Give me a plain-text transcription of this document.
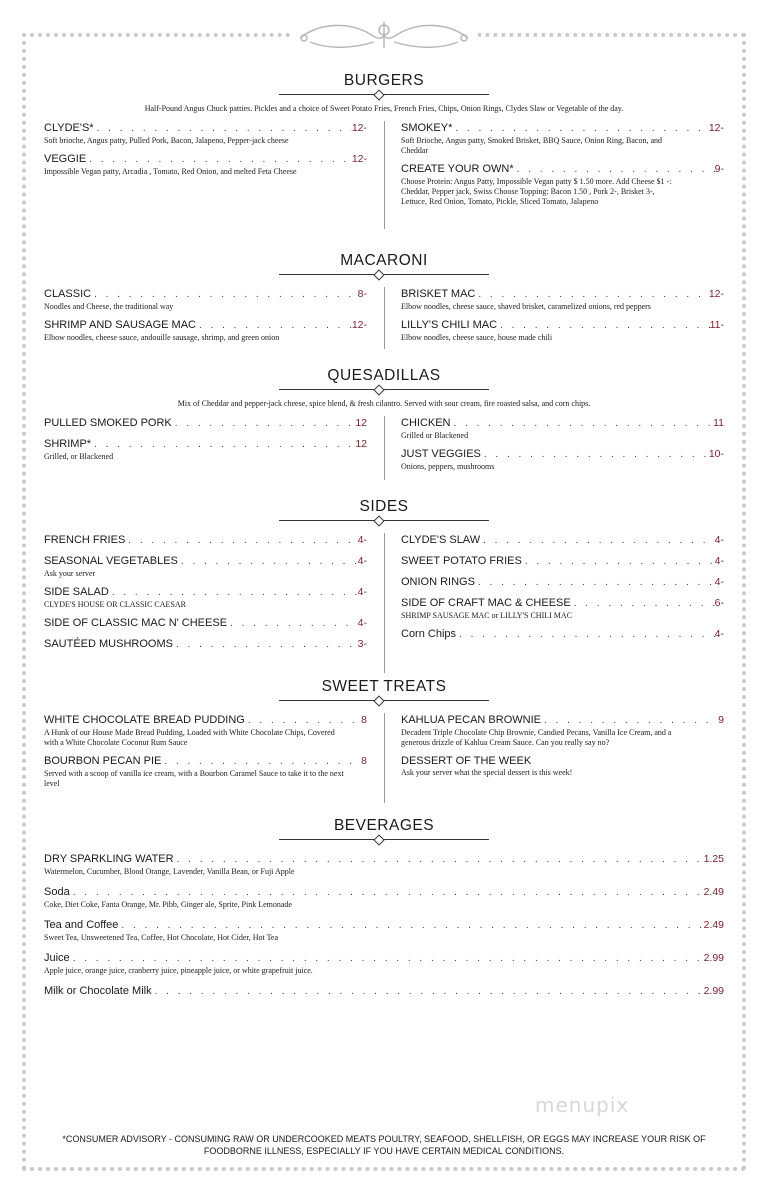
BURGERS
Half-Pound Angus Chuck patties. Pickles and a choice of Sweet Potato Fries, French Fries, Chips, Onion Rings, Clydes Slaw or Vegetable of the day.
CLYDE'S* . . .	12-
Soft brioche, Angus patty, Pulled Pork, Bacon, Jalapeno, Pepper-jack cheese
VEGGIE . . .	12-
Impossible Vegan patty, Arcadia , Tomato, Red Onion, and melted Feta Cheese
SMOKEY* . . .	12-
Soft Brioche, Angus patty, Smoked Brisket, BBQ Sauce, Onion Ring, Bacon, and Cheddar
CREATE YOUR OWN* . . .	9-
Choose Protein: Angus Patty, Impossible Vegan patty $ 1.50 more. Add Cheese $1 -: Cheddar, Pepper jack, Swiss Choose Topping: Bacon 1.50 , Pork 2-, Brisket 3-, Lettuce, Red Onion, Tomato, Pickle, Sliced Tomato, Jalapeno
MACARONI
CLASSIC . . .	8-
Noodles and Cheese, the traditional way
SHRIMP AND SAUSAGE MAC . . .	12-
Elbow noodles, cheese sauce, andouille sausage, shrimp, and green onion
BRISKET MAC . . .	12-
Elbow noodles, cheese sauce, shaved brisket, caramelized onions, red peppers
LILLY'S CHILI MAC . . .	11-
Elbow noodles, cheese sauce, house made chili
QUESADILLAS
Mix of Cheddar and pepper-jack cheese, spice blend, & fresh cilantro. Served with sour cream, fire roasted salsa, and corn chips.
PULLED SMOKED PORK . . .	12
SHRIMP* . . .	12
Grilled, or Blackened
CHICKEN . . .	11
Grilled or Blackened
JUST VEGGIES . . .	10-
Onions, peppers, mushrooms
SIDES
FRENCH FRIES . . .	4-
SEASONAL VEGETABLES . . .	4-
Ask your server
SIDE SALAD . . .	4-
CLYDE'S HOUSE OR CLASSIC CAESAR
SIDE OF CLASSIC MAC N' CHEESE . . .	4-
SAUTÉED MUSHROOMS . . .	3-
CLYDE'S SLAW . . .	4-
SWEET POTATO FRIES . . .	4-
ONION RINGS . . .	4-
SIDE OF CRAFT MAC & CHEESE . . .	6-
SHRIMP SAUSAGE MAC or LILLY'S CHILI MAC
Corn Chips . . .	4-
SWEET TREATS
WHITE CHOCOLATE BREAD PUDDING . . .	8
A Hunk of our House Made Bread Pudding, Loaded with White Chocolate Chips, Covered with a White Chocolate Coconut Rum Sauce
BOURBON PECAN PIE . . .	8
Served with a scoop of vanilla ice cream, with a Bourbon Caramel Sauce to take it to the next level
KAHLUA PECAN BROWNIE . . .	9
Decadent Triple Chocolate Chip Brownie, Candied Pecans, Vanilla Ice Cream, and a generous drizzle of Kahlua Cream Sauce. Can you really say no?
DESSERT OF THE WEEK
Ask your server what the special dessert is this week!
BEVERAGES
DRY SPARKLING WATER . . .	1.25
Watermelon, Cucumber, Blood Orange, Lavender, Vanilla Bean, or Fuji Apple
Soda . . .	2.49
Coke, Diet Coke, Fanta Orange, Mr. Pibb, Ginger ale, Sprite, Pink Lemonade
Tea and Coffee . . .	2.49
Sweet Tea, Unsweetened Tea, Coffee, Hot Chocolate, Hot Cider, Hot Tea
Juice . . .	2.99
Apple juice, orange juice, cranberry juice, pineapple juice, or white grapefruit juice.
Milk or Chocolate Milk . . .	2.99
menupix
*CONSUMER ADVISORY - CONSUMING RAW OR UNDERCOOKED MEATS POULTRY, SEAFOOD, SHELLFISH, OR EGGS MAY INCREASE YOUR RISK OF FOODBORNE ILLNESS, ESPECIALLY IF YOU HAVE CERTAIN MEDICAL CONDITIONS.
